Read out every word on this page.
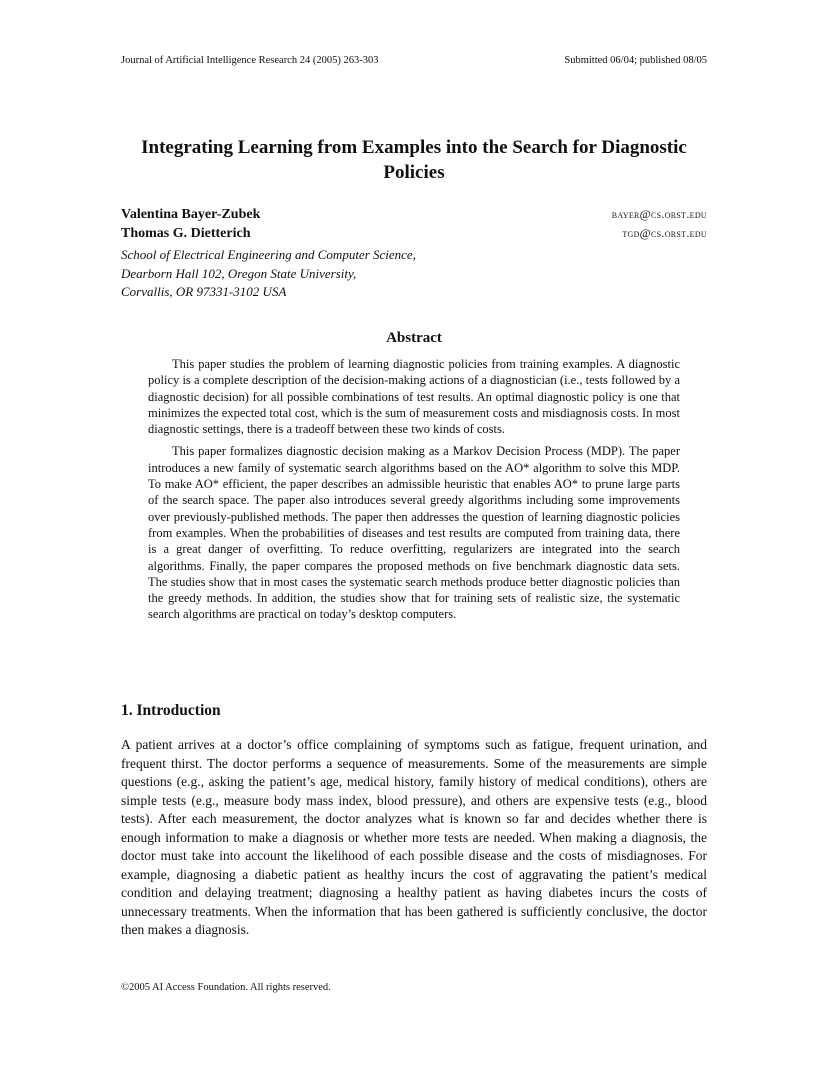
Journal of Artificial Intelligence Research 24 (2005) 263-303	Submitted 06/04; published 08/05
Integrating Learning from Examples into the Search for Diagnostic Policies
Valentina Bayer-Zubek	bayer@cs.orst.edu
Thomas G. Dietterich	tgd@cs.orst.edu
School of Electrical Engineering and Computer Science,
Dearborn Hall 102, Oregon State University,
Corvallis, OR 97331-3102 USA
Abstract

This paper studies the problem of learning diagnostic policies from training examples. A diagnostic policy is a complete description of the decision-making actions of a diagnostician (i.e., tests followed by a diagnostic decision) for all possible combinations of test results. An optimal diagnostic policy is one that minimizes the expected total cost, which is the sum of measurement costs and misdiagnosis costs. In most diagnostic settings, there is a tradeoff between these two kinds of costs.

This paper formalizes diagnostic decision making as a Markov Decision Process (MDP). The paper introduces a new family of systematic search algorithms based on the AO* algorithm to solve this MDP. To make AO* efficient, the paper describes an admissible heuristic that enables AO* to prune large parts of the search space. The paper also introduces several greedy algorithms including some improvements over previously-published methods. The paper then addresses the question of learning diagnostic policies from examples. When the probabilities of diseases and test results are computed from training data, there is a great danger of overfitting. To reduce overfitting, regularizers are integrated into the search algorithms. Finally, the paper compares the proposed methods on five benchmark diagnostic data sets. The studies show that in most cases the systematic search methods produce better diagnostic policies than the greedy methods. In addition, the studies show that for training sets of realistic size, the systematic search algorithms are practical on today’s desktop computers.

1. Introduction

A patient arrives at a doctor’s office complaining of symptoms such as fatigue, frequent urination, and frequent thirst. The doctor performs a sequence of measurements. Some of the measurements are simple questions (e.g., asking the patient’s age, medical history, family history of medical conditions), others are simple tests (e.g., measure body mass index, blood pressure), and others are expensive tests (e.g., blood tests). After each measurement, the doctor analyzes what is known so far and decides whether there is enough information to make a diagnosis or whether more tests are needed. When making a diagnosis, the doctor must take into account the likelihood of each possible disease and the costs of misdiagnoses. For example, diagnosing a diabetic patient as healthy incurs the cost of aggravating the patient’s medical condition and delaying treatment; diagnosing a healthy patient as having diabetes incurs the costs of unnecessary treatments. When the information that has been gathered is sufficiently conclusive, the doctor then makes a diagnosis.

©2005 AI Access Foundation. All rights reserved.
